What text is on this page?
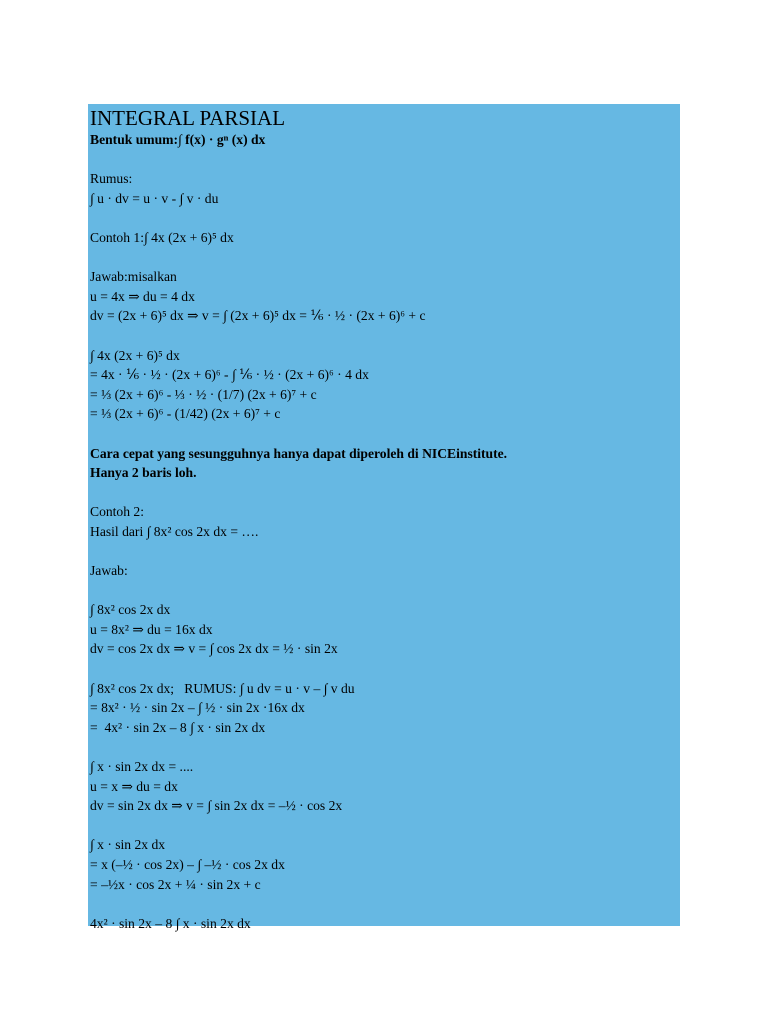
INTEGRAL PARSIAL
Bentuk umum:∫ f(x) · gⁿ (x) dx
Rumus:
∫ u · dv = u · v - ∫ v · du
Contoh 1:∫ 4x (2x + 6)⁵ dx
Jawab:misalkan
u = 4x ⇒ du = 4 dx
dv = (2x + 6)⁵ dx ⇒ v = ∫ (2x + 6)⁵ dx = ⅙ · ½ · (2x + 6)⁶ + c
∫ 4x (2x + 6)⁵ dx
= 4x · ⅙ · ½ · (2x + 6)⁶ - ∫ ⅙ · ½ · (2x + 6)⁶ · 4 dx
= ⅓ (2x + 6)⁶ - ⅓ · ½ · (1/7) (2x + 6)⁷ + c
= ⅓ (2x + 6)⁶ - (1/42) (2x + 6)⁷ + c
Cara cepat yang sesungguhnya hanya dapat diperoleh di NICEinstitute.
Hanya 2 baris loh.
Contoh 2:
Hasil dari ∫ 8x² cos 2x dx = ….
Jawab:
∫ 8x² cos 2x dx
u = 8x² ⇒ du = 16x dx
dv = cos 2x dx ⇒ v = ∫ cos 2x dx = ½ · sin 2x
∫ 8x² cos 2x dx;   RUMUS: ∫ u dv = u · v – ∫ v du
= 8x² · ½ · sin 2x – ∫ ½ · sin 2x ·16x dx
=  4x² · sin 2x – 8 ∫ x · sin 2x dx
∫ x · sin 2x dx = ....
u = x ⇒ du = dx
dv = sin 2x dx ⇒ v = ∫ sin 2x dx = –½ · cos 2x
∫ x · sin 2x dx
= x (–½ · cos 2x) – ∫ –½ · cos 2x dx
= –½x · cos 2x + ¼ · sin 2x + c
4x² · sin 2x – 8 ∫ x · sin 2x dx
